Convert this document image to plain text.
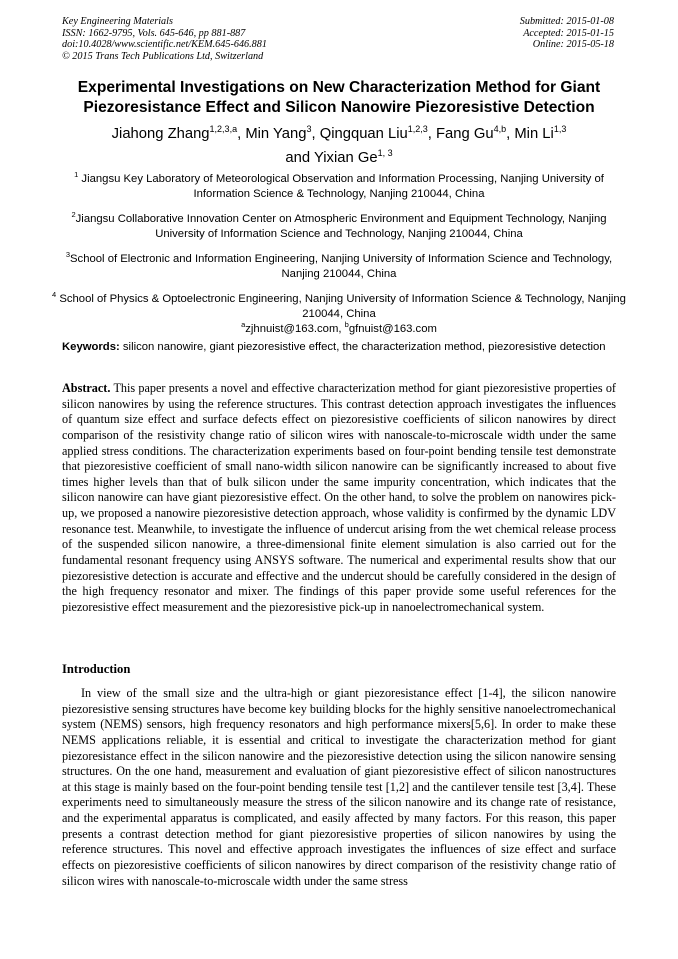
Key Engineering Materials
ISSN: 1662-9795, Vols. 645-646, pp 881-887
doi:10.4028/www.scientific.net/KEM.645-646.881
© 2015 Trans Tech Publications Ltd, Switzerland
Submitted: 2015-01-08
Accepted: 2015-01-15
Online: 2015-05-18
Experimental Investigations on New Characterization Method for Giant Piezoresistance Effect and Silicon Nanowire Piezoresistive Detection
Jiahong Zhang$^{1,2,3,a}$, Min Yang$^3$, Qingquan Liu$^{1,2,3}$, Fang Gu$^{4,b}$, Min Li$^{1,3}$
and Yixian Ge$^{1, 3}$
$^1$ Jiangsu Key Laboratory of Meteorological Observation and Information Processing, Nanjing University of Information Science & Technology, Nanjing 210044, China
$^2$Jiangsu Collaborative Innovation Center on Atmospheric Environment and Equipment Technology, Nanjing University of Information Science and Technology, Nanjing 210044, China
$^3$School of Electronic and Information Engineering, Nanjing University of Information Science and Technology, Nanjing 210044, China
$^4$ School of Physics & Optoelectronic Engineering, Nanjing University of Information Science & Technology, Nanjing 210044, China
$^a$zjhnuist@163.com, $^b$gfnuist@163.com
Keywords: silicon nanowire, giant piezoresistive effect, the characterization method, piezoresistive detection
Abstract. This paper presents a novel and effective characterization method for giant piezoresistive properties of silicon nanowires by using the reference structures. This contrast detection approach investigates the influences of quantum size effect and surface defects effect on piezoresistive coefficients of silicon nanowires by direct comparison of the resistivity change ratio of silicon wires with nanoscale-to-microscale width under the same applied stress conditions. The characterization experiments based on four-point bending tensile test demonstrate that piezoresistive coefficient of small nano-width silicon nanowire can be significantly increased to about five times higher levels than that of bulk silicon under the same impurity concentration, which indicates that the silicon nanowire can have giant piezoresistive effect. On the other hand, to solve the problem on nanowires pick-up, we proposed a nanowire piezoresistive detection approach, whose validity is confirmed by the dynamic LDV resonance test. Meanwhile, to investigate the influence of undercut arising from the wet chemical release process of the suspended silicon nanowire, a three-dimensional finite element simulation is also carried out for the fundamental resonant frequency using ANSYS software. The numerical and experimental results show that our piezoresistive detection is accurate and effective and the undercut should be carefully considered in the design of the high frequency resonator and mixer. The findings of this paper provide some useful references for the piezoresistive effect measurement and the piezoresistive pick-up in nanoelectromechanical system.
Introduction
In view of the small size and the ultra-high or giant piezoresistance effect [1-4], the silicon nanowire piezoresistive sensing structures have become key building blocks for the highly sensitive nanoelectromechanical system (NEMS) sensors, high frequency resonators and high performance mixers[5,6]. In order to make these NEMS applications reliable, it is essential and critical to investigate the characterization method for giant piezoresistance effect in the silicon nanowire and the piezoresistive detection using the silicon nanowire sensing structures. On the one hand, measurement and evaluation of giant piezoresistive effect of silicon nanostructures at this stage is mainly based on the four-point bending tensile test [1,2] and the cantilever tensile test [3,4]. These experiments need to simultaneously measure the stress of the silicon nanowire and its change rate of resistance, and the experimental apparatus is complicated, and easily affected by many factors. For this reason, this paper presents a contrast detection method for giant piezoresistive properties of silicon nanowires by using the reference structures. This novel and effective approach investigates the influences of size effect and surface effects on piezoresistive coefficients of silicon nanowires by direct comparison of the resistivity change ratio of silicon wires with nanoscale-to-microscale width under the same stress
